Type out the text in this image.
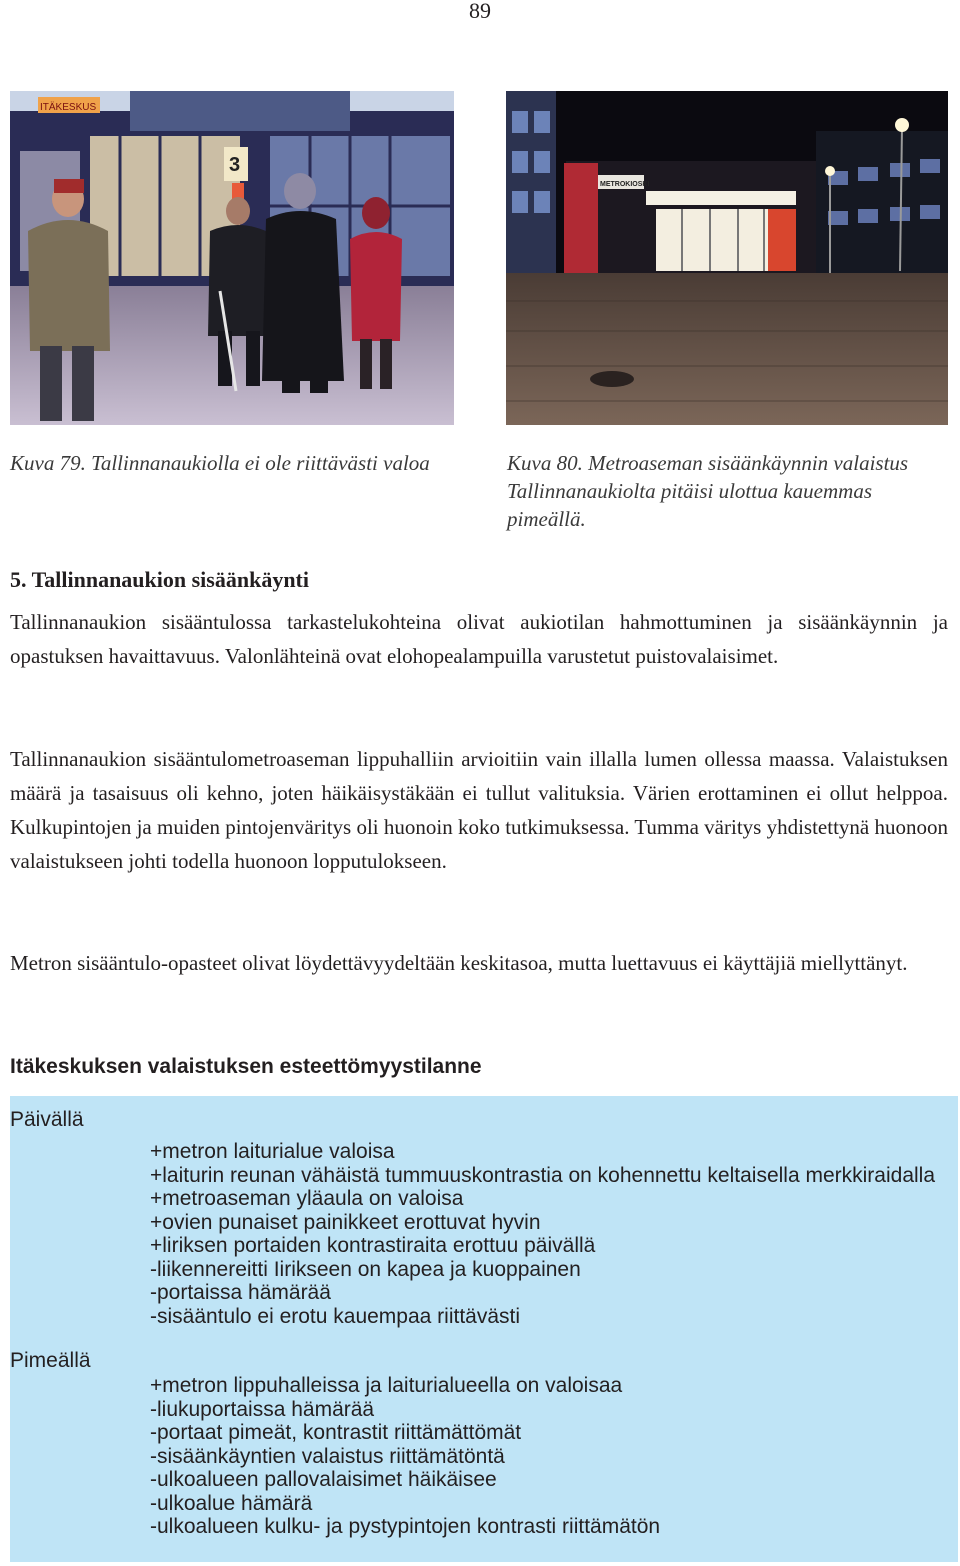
89
ITÄKESKUS
3
METROKIOSKI
Kuva 79. Tallinnanaukiolla ei ole riittävästi valoa	Kuva 80. Metroaseman sisäänkäynnin valaistus Tallinnanaukiolta pitäisi ulottua kauemmas pimeällä.
5. Tallinnanaukion sisäänkäynti

Tallinnanaukion sisääntulossa tarkastelukohteina olivat aukiotilan hahmottuminen ja sisäänkäynnin ja opastuksen havaittavuus. Valonlähteinä ovat elohopealampuilla varustetut puistovalaisimet.

Tallinnanaukion sisääntulometroaseman lippuhalliin arvioitiin vain illalla lumen ollessa maassa. Valaistuksen määrä ja tasaisuus oli kehno, joten häikäisystäkään ei tullut valituksia. Värien erottaminen ei ollut helppoa. Kulkupintojen ja muiden pintojenväritys oli huonoin koko tutkimuksessa. Tumma väritys yhdistettynä huonoon valaistukseen johti todella huonoon lopputulokseen.

Metron sisääntulo-opasteet olivat löydettävyydeltään keskitasoa, mutta luettavuus ei käyttäjiä miellyttänyt.

Itäkeskuksen valaistuksen esteettömyystilanne
Päivällä
+metron laiturialue valoisa
+laiturin reunan vähäistä tummuuskontrastia on kohennettu keltaisella merkkiraidalla
+metroaseman yläaula on valoisa
+ovien punaiset painikkeet erottuvat hyvin
+liriksen portaiden kontrastiraita erottuu päivällä
-liikennereitti Iirikseen on kapea ja kuoppainen
-portaissa hämärää
-sisääntulo ei erotu kauempaa riittävästi
Pimeällä
+metron lippuhalleissa ja laiturialueella on valoisaa
-liukuportaissa hämärää
-portaat pimeät, kontrastit riittämättömät
-sisäänkäyntien valaistus riittämätöntä
-ulkoalueen pallovalaisimet häikäisee
-ulkoalue hämärä
-ulkoalueen kulku- ja pystypintojen kontrasti riittämätön
